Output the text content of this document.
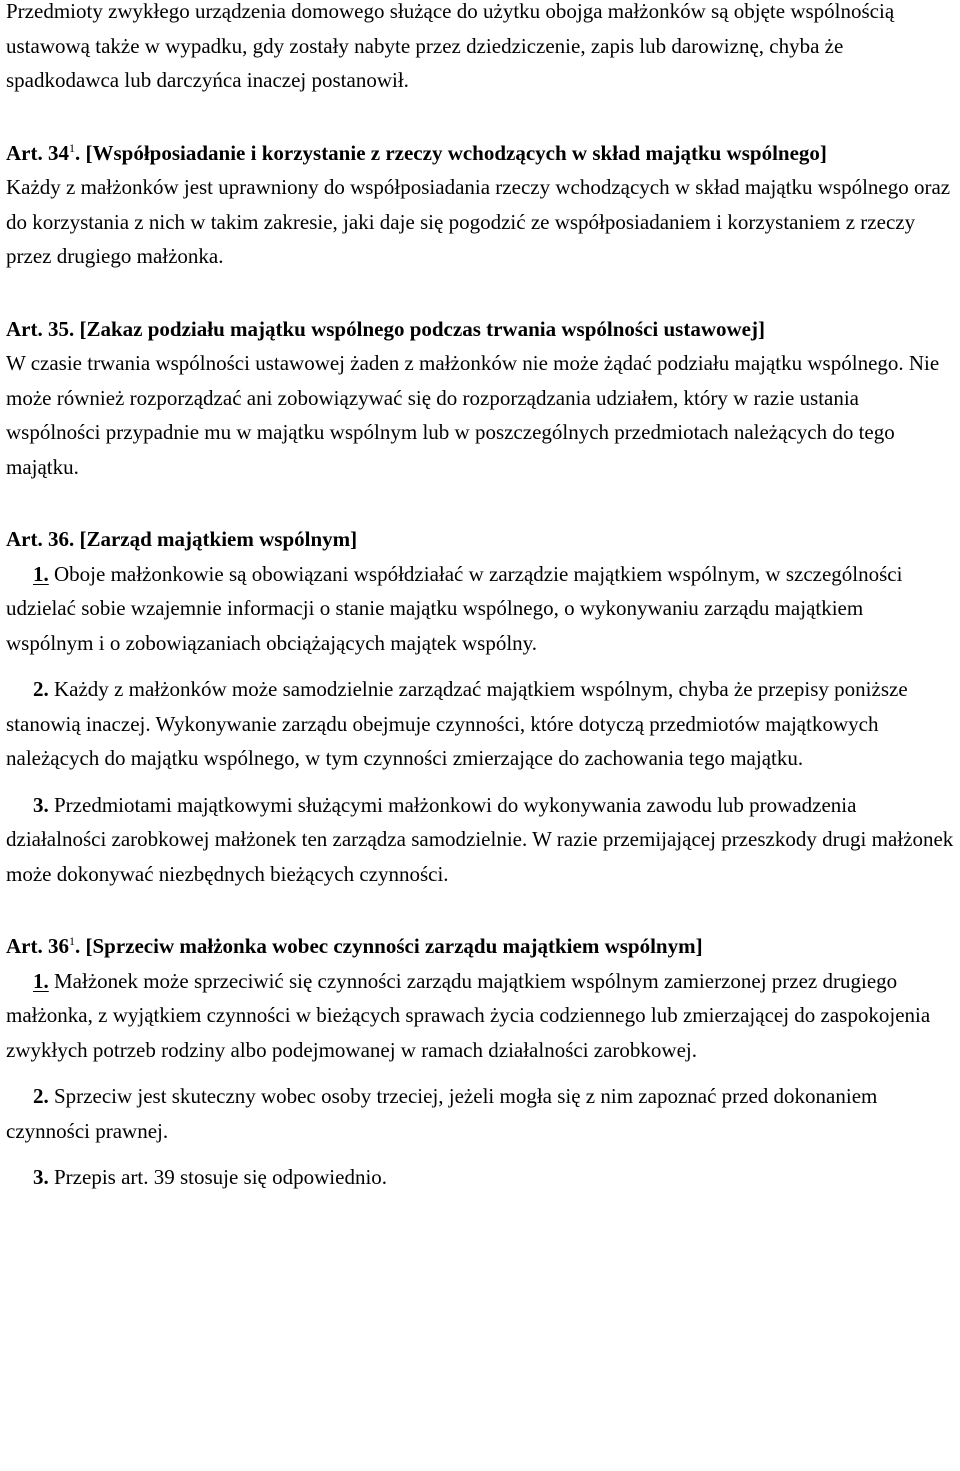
Przedmioty zwykłego urządzenia domowego służące do użytku obojga małżonków są objęte wspólnością ustawową także w wypadku, gdy zostały nabyte przez dziedziczenie, zapis lub darowiznę, chyba że spadkodawca lub darczyńca inaczej postanowił.

Art. $34^1$. [Współposiadanie i korzystanie z rzeczy wchodzących w skład majątku wspólnego]

Każdy z małżonków jest uprawniony do współposiadania rzeczy wchodzących w skład majątku wspólnego oraz do korzystania z nich w takim zakresie, jaki daje się pogodzić ze współposiadaniem i korzystaniem z rzeczy przez drugiego małżonka.

Art. 35. [Zakaz podziału majątku wspólnego podczas trwania wspólności ustawowej]

W czasie trwania wspólności ustawowej żaden z małżonków nie może żądać podziału majątku wspólnego. Nie może również rozporządzać ani zobowiązywać się do rozporządzania udziałem, który w razie ustania wspólności przypadnie mu w majątku wspólnym lub w poszczególnych przedmiotach należących do tego majątku.

Art. 36. [Zarząd majątkiem wspólnym]

1. Oboje małżonkowie są obowiązani współdziałać w zarządzie majątkiem wspólnym, w szczególności udzielać sobie wzajemnie informacji o stanie majątku wspólnego, o wykonywaniu zarządu majątkiem wspólnym i o zobowiązaniach obciążających majątek wspólny.

2. Każdy z małżonków może samodzielnie zarządzać majątkiem wspólnym, chyba że przepisy poniższe stanowią inaczej. Wykonywanie zarządu obejmuje czynności, które dotyczą przedmiotów majątkowych należących do majątku wspólnego, w tym czynności zmierzające do zachowania tego majątku.

3. Przedmiotami majątkowymi służącymi małżonkowi do wykonywania zawodu lub prowadzenia działalności zarobkowej małżonek ten zarządza samodzielnie. W razie przemijającej przeszkody drugi małżonek może dokonywać niezbędnych bieżących czynności.

Art. $36^1$. [Sprzeciw małżonka wobec czynności zarządu majątkiem wspólnym]

1. Małżonek może sprzeciwić się czynności zarządu majątkiem wspólnym zamierzonej przez drugiego małżonka, z wyjątkiem czynności w bieżących sprawach życia codziennego lub zmierzającej do zaspokojenia zwykłych potrzeb rodziny albo podejmowanej w ramach działalności zarobkowej.

2. Sprzeciw jest skuteczny wobec osoby trzeciej, jeżeli mogła się z nim zapoznać przed dokonaniem czynności prawnej.

3. Przepis art. 39 stosuje się odpowiednio.
